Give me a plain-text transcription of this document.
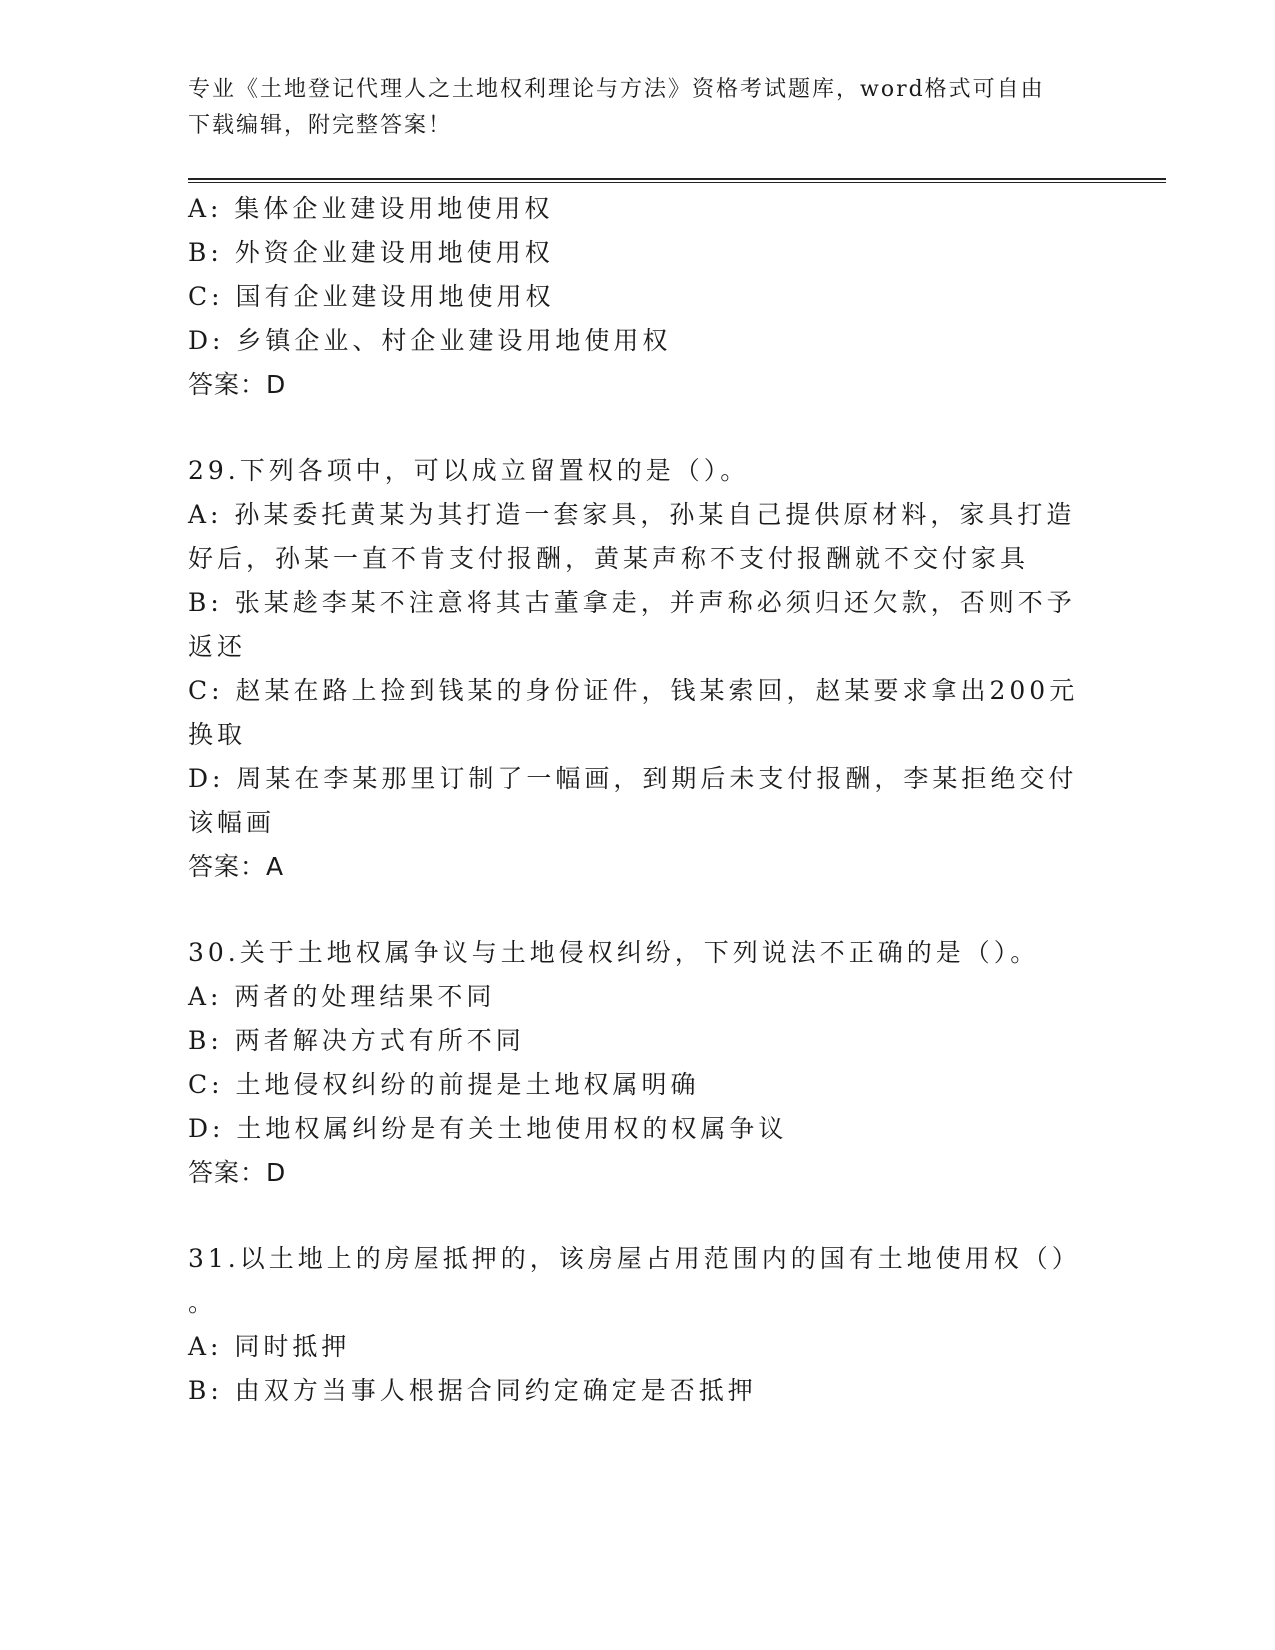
专业《土地登记代理人之土地权利理论与方法》资格考试题库，word格式可自由
下载编辑，附完整答案！
A: 集体企业建设用地使用权
B: 外资企业建设用地使用权
C: 国有企业建设用地使用权
D: 乡镇企业、村企业建设用地使用权
答案：D
29.下列各项中，可以成立留置权的是（）。
A: 孙某委托黄某为其打造一套家具，孙某自己提供原材料，家具打造
好后，孙某一直不肯支付报酬，黄某声称不支付报酬就不交付家具
B: 张某趁李某不注意将其古董拿走，并声称必须归还欠款，否则不予
返还
C: 赵某在路上捡到钱某的身份证件，钱某索回，赵某要求拿出200元
换取
D: 周某在李某那里订制了一幅画，到期后未支付报酬，李某拒绝交付
该幅画
答案：A
30.关于土地权属争议与土地侵权纠纷，下列说法不正确的是（）。
A: 两者的处理结果不同
B: 两者解决方式有所不同
C: 土地侵权纠纷的前提是土地权属明确
D: 土地权属纠纷是有关土地使用权的权属争议
答案：D
31.以土地上的房屋抵押的，该房屋占用范围内的国有土地使用权（）
。
A: 同时抵押
B: 由双方当事人根据合同约定确定是否抵押
